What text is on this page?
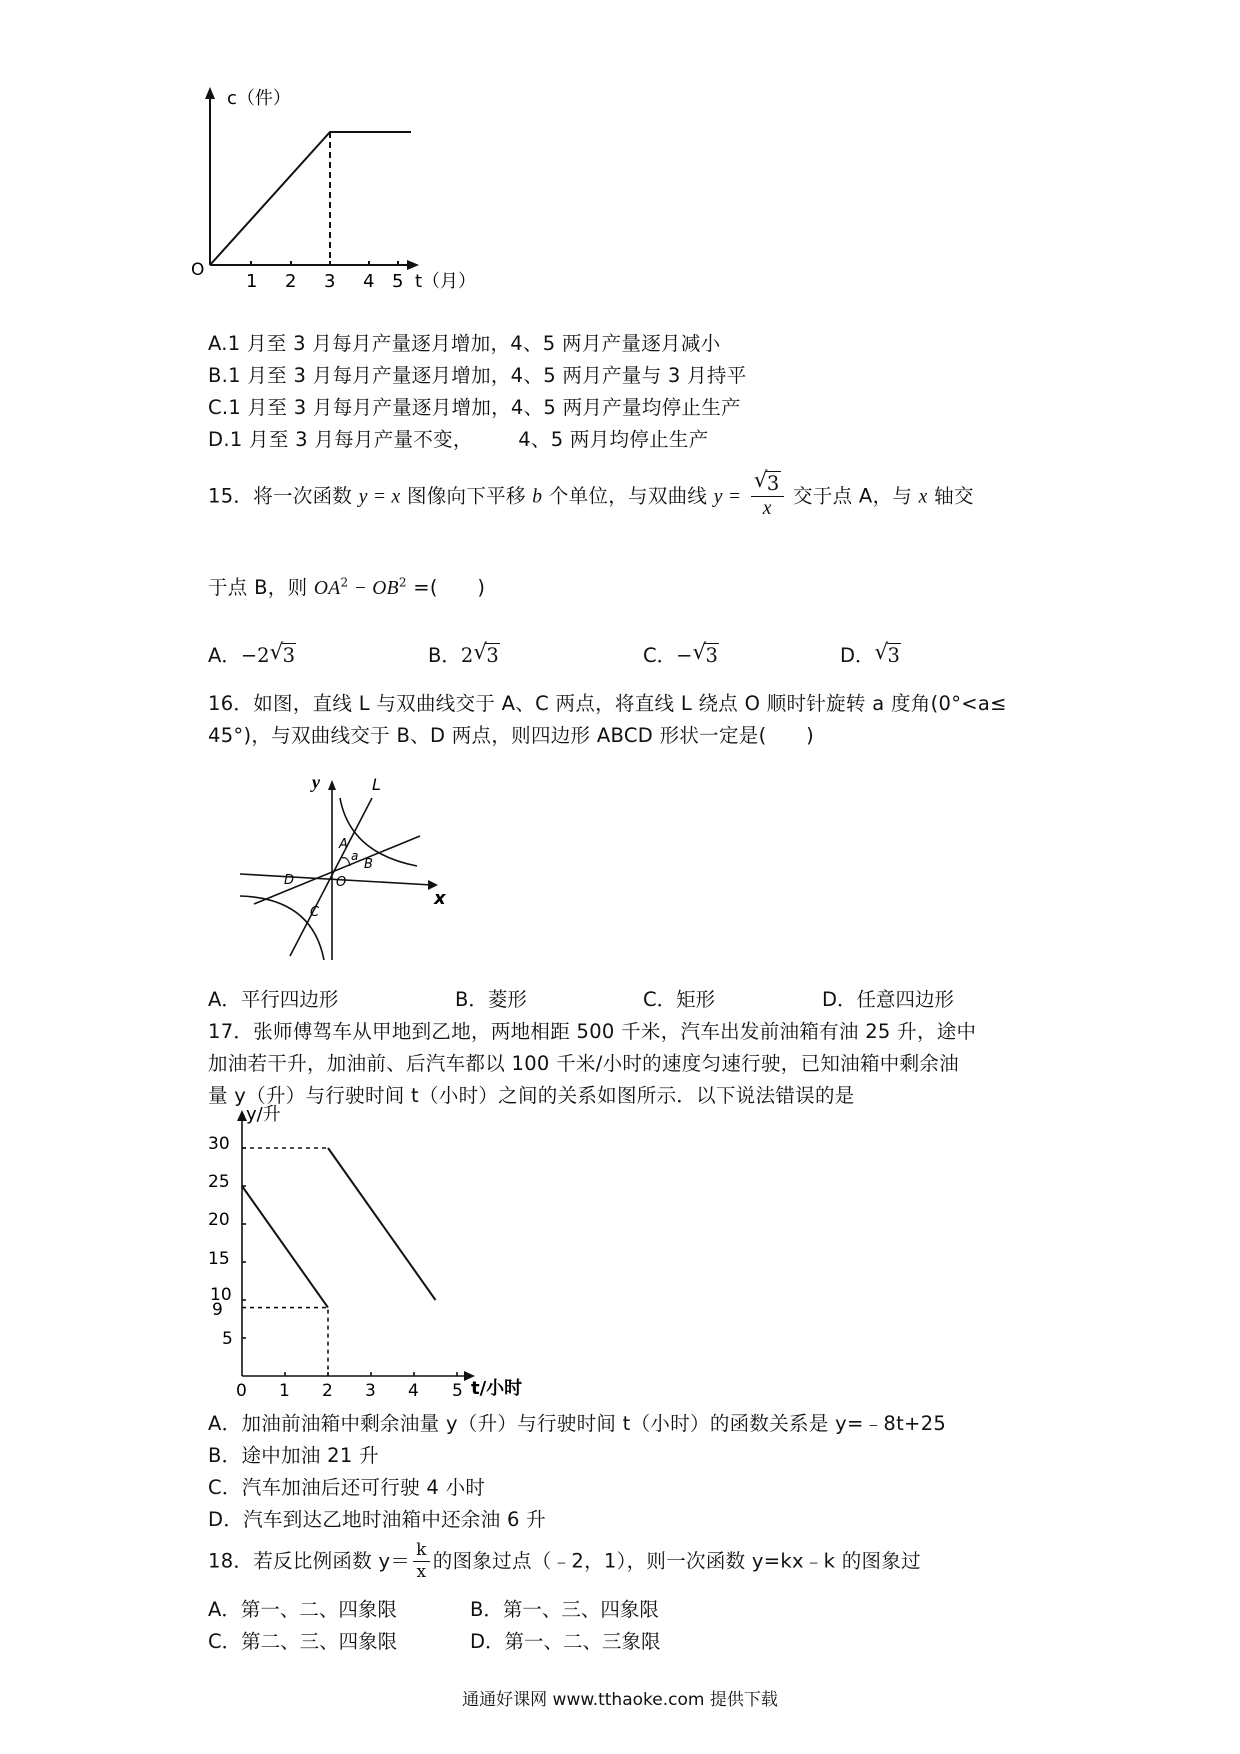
c（件）
O
1 2 3 4 5 t（月）
A.1 月至 3 月每月产量逐月增加，4、5 两月产量逐月减小
B.1 月至 3 月每月产量逐月增加，4、5 两月产量与 3 月持平
C.1 月至 3 月每月产量逐月增加，4、5 两月产量均停止生产
D.1 月至 3 月每月产量不变，       4、5 两月均停止生产
15．将一次函数 y = x 图像向下平移 b 个单位，与双曲线 $y = \frac{√ 3}{x}$ 交于点 A，与 x 轴交
于点 B，则 $OA^2 - OB^2$ =(　　)
A．−2 √ 3	B．2 √ 3	C．− √ 3	D． √ 3
16．如图，直线 L 与双曲线交于 A、C 两点，将直线 L 绕点 O 顺时针旋转 a 度角(0°<a≤
45°)，与双曲线交于 B、D 两点，则四边形 ABCD 形状一定是(　　)
y
x
L
A
a
B
O
D
C
A．平行四边形	B．菱形	C．矩形	D．任意四边形
17．张师傅驾车从甲地到乙地，两地相距 500 千米，汽车出发前油箱有油 25 升，途中
加油若干升，加油前、后汽车都以 100 千米/小时的速度匀速行驶，已知油箱中剩余油
量 y（升）与行驶时间 t（小时）之间的关系如图所示．以下说法错误的是
y/升
t/小时
30
25
20
15
10
9
5
0 1 2 3 4 5
A．加油前油箱中剩余油量 y（升）与行驶时间 t（小时）的函数关系是 y=﹣8t+25
B．途中加油 21 升
C．汽车加油后还可行驶 4 小时
D．汽车到达乙地时油箱中还余油 6 升
18．若反比例函数 $y= \frac{k}{x}$ 的图象过点（﹣2，1），则一次函数 y=kx﹣k 的图象过
A．第一、二、四象限	B．第一、三、四象限
C．第二、三、四象限	D．第一、二、三象限
通通好课网 www.tthaoke.com 提供下载
